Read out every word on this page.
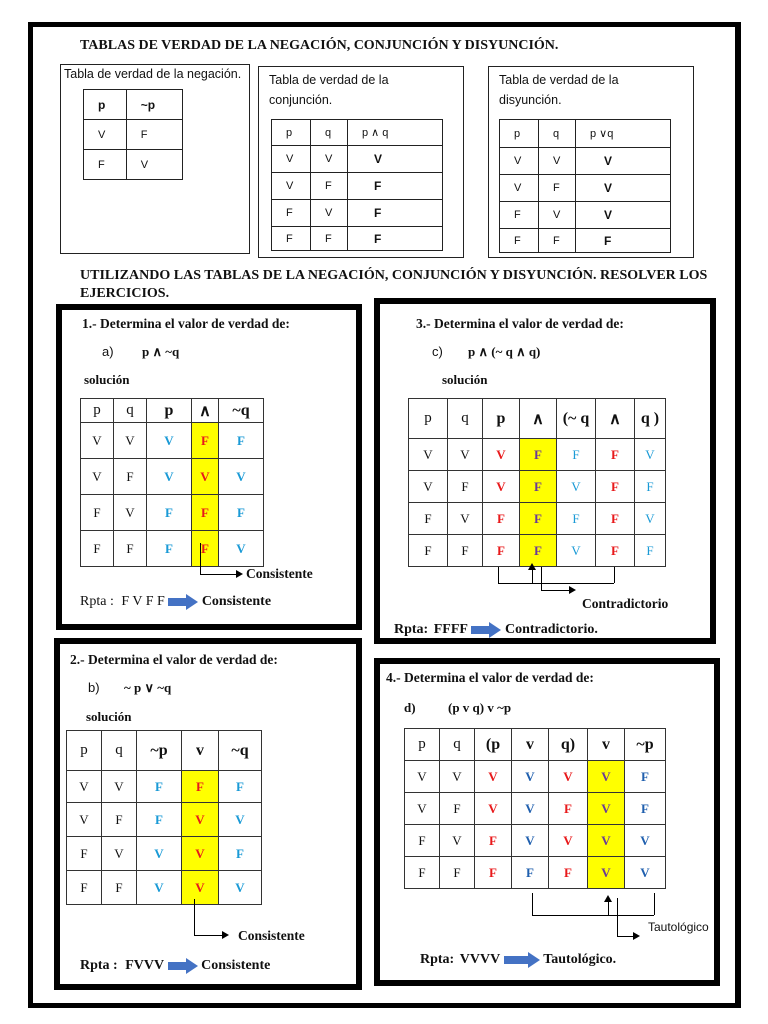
TABLAS DE VERDAD DE LA NEGACIÓN, CONJUNCIÓN Y DISYUNCIÓN.
Tabla de verdad de la negación.
p	~p

V	F

F	V
Tabla de verdad de la
conjunción.
p	q	p ∧ q

V	V	V

V	F	F

F	V	F

F	F	F
Tabla de verdad de la
disyunción.
p	q	p ∨q

V	V	V

V	F	V

F	V	V

F	F	F
UTILIZANDO LAS TABLAS DE LA NEGACIÓN, CONJUNCIÓN Y DISYUNCIÓN. RESOLVER LOS
EJERCICIOS.
1.- Determina el valor de verdad de:
a) p ∧ ~q
solución
p	q	p	∧	~q
V	V	V	F	F
V	F	V	V	V
F	V	F	F	F
F	F	F	F	V
Consistente
Rpta : F V F F	Consistente
2.- Determina el valor de verdad de:
b) ~ p ∨ ~q
solución
p	q	~p	v	~q
V	V	F	F	F
V	F	F	V	V
F	V	V	V	F
F	F	V	V	V
Consistente
Rpta : FVVV	Consistente
3.- Determina el valor de verdad de:
c) p ∧ (~ q ∧ q)
solución
p	q	p	∧	(~ q	∧	q )
V	V	V	F	F	F	V
V	F	V	F	V	F	F
F	V	F	F	F	F	V
F	F	F	F	V	F	F
Contradictorio
Rpta: FFFF	Contradictorio.
4.- Determina el valor de verdad de:
d) (p v q) v ~p
p	q	(p	v	q)	v	~p
V	V	V	V	V	V	F
V	F	V	V	F	V	F
F	V	F	V	V	V	V
F	F	F	F	F	V	V
Tautológico
Rpta: VVVV	Tautológico.
